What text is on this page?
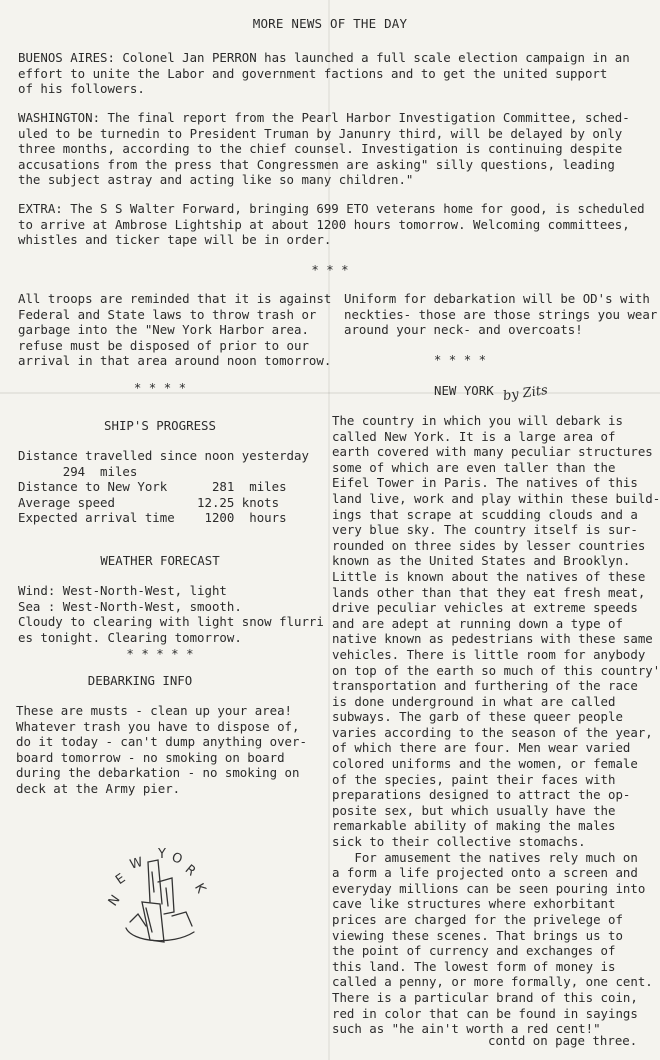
MORE NEWS OF THE DAY

BUENOS AIRES: Colonel Jan PERRON has launched a full scale election campaign in an
effort to unite the Labor and government factions and to get the united support
of his followers.

WASHINGTON: The final report from the Pearl Harbor Investigation Committee, sched-
uled to be turnedin to President Truman by Janunry third, will be delayed by only
three months, according to the chief counsel. Investigation is continuing despite
accusations from the press that Congressmen are asking" silly questions, leading
the subject astray and acting like so many children."

EXTRA: The S S Walter Forward, bringing 699 ETO veterans home for good, is scheduled
to arrive at Ambrose Lightship at about 1200 hours tomorrow. Welcoming committees,
whistles and ticker tape will be in order.

* * *

All troops are reminded that it is against
Federal and State laws to throw trash or
garbage into the "New York Harbor area.
refuse must be disposed of prior to our
arrival in that area around noon tomorrow.

Uniform for debarkation will be OD's with
neckties- those are those strings you wear
around your neck- and overcoats!

* * * *
* * * *
SHIP'S PROGRESS

Distance travelled since noon yesterday
294  miles
Distance to New York      281  miles
Average speed           12.25 knots
Expected arrival time    1200  hours

WEATHER FORECAST

Wind: West-North-West, light
Sea : West-North-West, smooth.
Cloudy to clearing with light snow flurri
es tonight. Clearing tomorrow.

* * * * *
DEBARKING INFO

These are musts - clean up your area!
Whatever trash you have to dispose of,
do it today - can't dump anything over-
board tomorrow - no smoking on board
during the debarkation - no smoking on
deck at the Army pier.

N
E
W
Y O
R
K
NEW YORK by Zits

The country in which you will debark is
called New York. It is a large area of
earth covered with many peculiar structures
some of which are even taller than the
Eifel Tower in Paris. The natives of this
land live, work and play within these build-
ings that scrape at scudding clouds and a
very blue sky. The country itself is sur-
rounded on three sides by lesser countries
known as the United States and Brooklyn.
Little is known about the natives of these
lands other than that they eat fresh meat,
drive peculiar vehicles at extreme speeds
and are adept at running down a type of
native known as pedestrians with these same
vehicles. There is little room for anybody
on top of the earth so much of this country'
transportation and furthering of the race
is done underground in what are called
subways. The garb of these queer people
varies according to the season of the year,
of which there are four. Men wear varied
colored uniforms and the women, or female
of the species, paint their faces with
preparations designed to attract the op-
posite sex, but which usually have the
remarkable ability of making the males
sick to their collective stomachs.
For amusement the natives rely much on
a form a life projected onto a screen and
everyday millions can be seen pouring into
cave like structures where exhorbitant
prices are charged for the privelege of
viewing these scenes. That brings us to
the point of currency and exchanges of
this land. The lowest form of money is
called a penny, or more formally, one cent.
There is a particular brand of this coin,
red in color that can be found in sayings
such as "he ain't worth a red cent!"

contd on page three.
